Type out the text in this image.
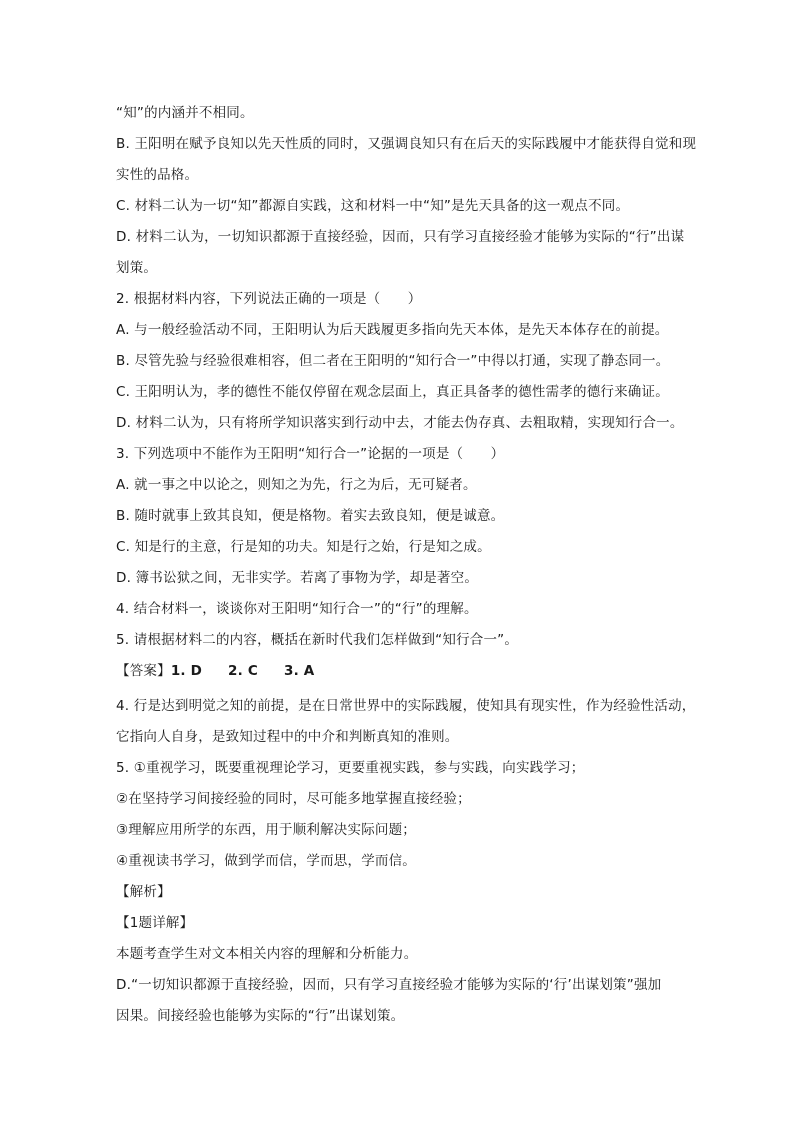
“知”的内涵并不相同。
B. 王阳明在赋予良知以先天性质的同时，又强调良知只有在后天的实际践履中才能获得自觉和现
实性的品格。
C. 材料二认为一切“知”都源自实践，这和材料一中“知”是先天具备的这一观点不同。
D. 材料二认为，一切知识都源于直接经验，因而，只有学习直接经验才能够为实际的“行”出谋
划策。
2. 根据材料内容，下列说法正确的一项是（　　）
A. 与一般经验活动不同，王阳明认为后天践履更多指向先天本体，是先天本体存在的前提。
B. 尽管先验与经验很难相容，但二者在王阳明的“知行合一”中得以打通，实现了静态同一。
C. 王阳明认为，孝的德性不能仅停留在观念层面上，真正具备孝的德性需孝的德行来确证。
D. 材料二认为，只有将所学知识落实到行动中去，才能去伪存真、去粗取精，实现知行合一。
3. 下列选项中不能作为王阳明“知行合一”论据的一项是（　　）
A. 就一事之中以论之，则知之为先，行之为后，无可疑者。
B. 随时就事上致其良知，便是格物。着实去致良知，便是诚意。
C. 知是行的主意，行是知的功夫。知是行之始，行是知之成。
D. 簿书讼狱之间，无非实学。若离了事物为学，却是著空。
4. 结合材料一，谈谈你对王阳明“知行合一”的“行”的理解。
5. 请根据材料二的内容，概括在新时代我们怎样做到“知行合一”。
【答案】1. D 2. C 3. A
4. 行是达到明觉之知的前提，是在日常世界中的实际践履，使知具有现实性，作为经验性活动，
它指向人自身，是致知过程中的中介和判断真知的准则。
5. ①重视学习，既要重视理论学习，更要重视实践，参与实践，向实践学习；
②在坚持学习间接经验的同时，尽可能多地掌握直接经验；
③理解应用所学的东西，用于顺利解决实际问题；
④重视读书学习，做到学而信，学而思，学而信。
【解析】
【1题详解】
本题考查学生对文本相关内容的理解和分析能力。
D.“一切知识都源于直接经验，因而，只有学习直接经验才能够为实际的‘行’出谋划策”强加
因果。间接经验也能够为实际的“行”出谋划策。
